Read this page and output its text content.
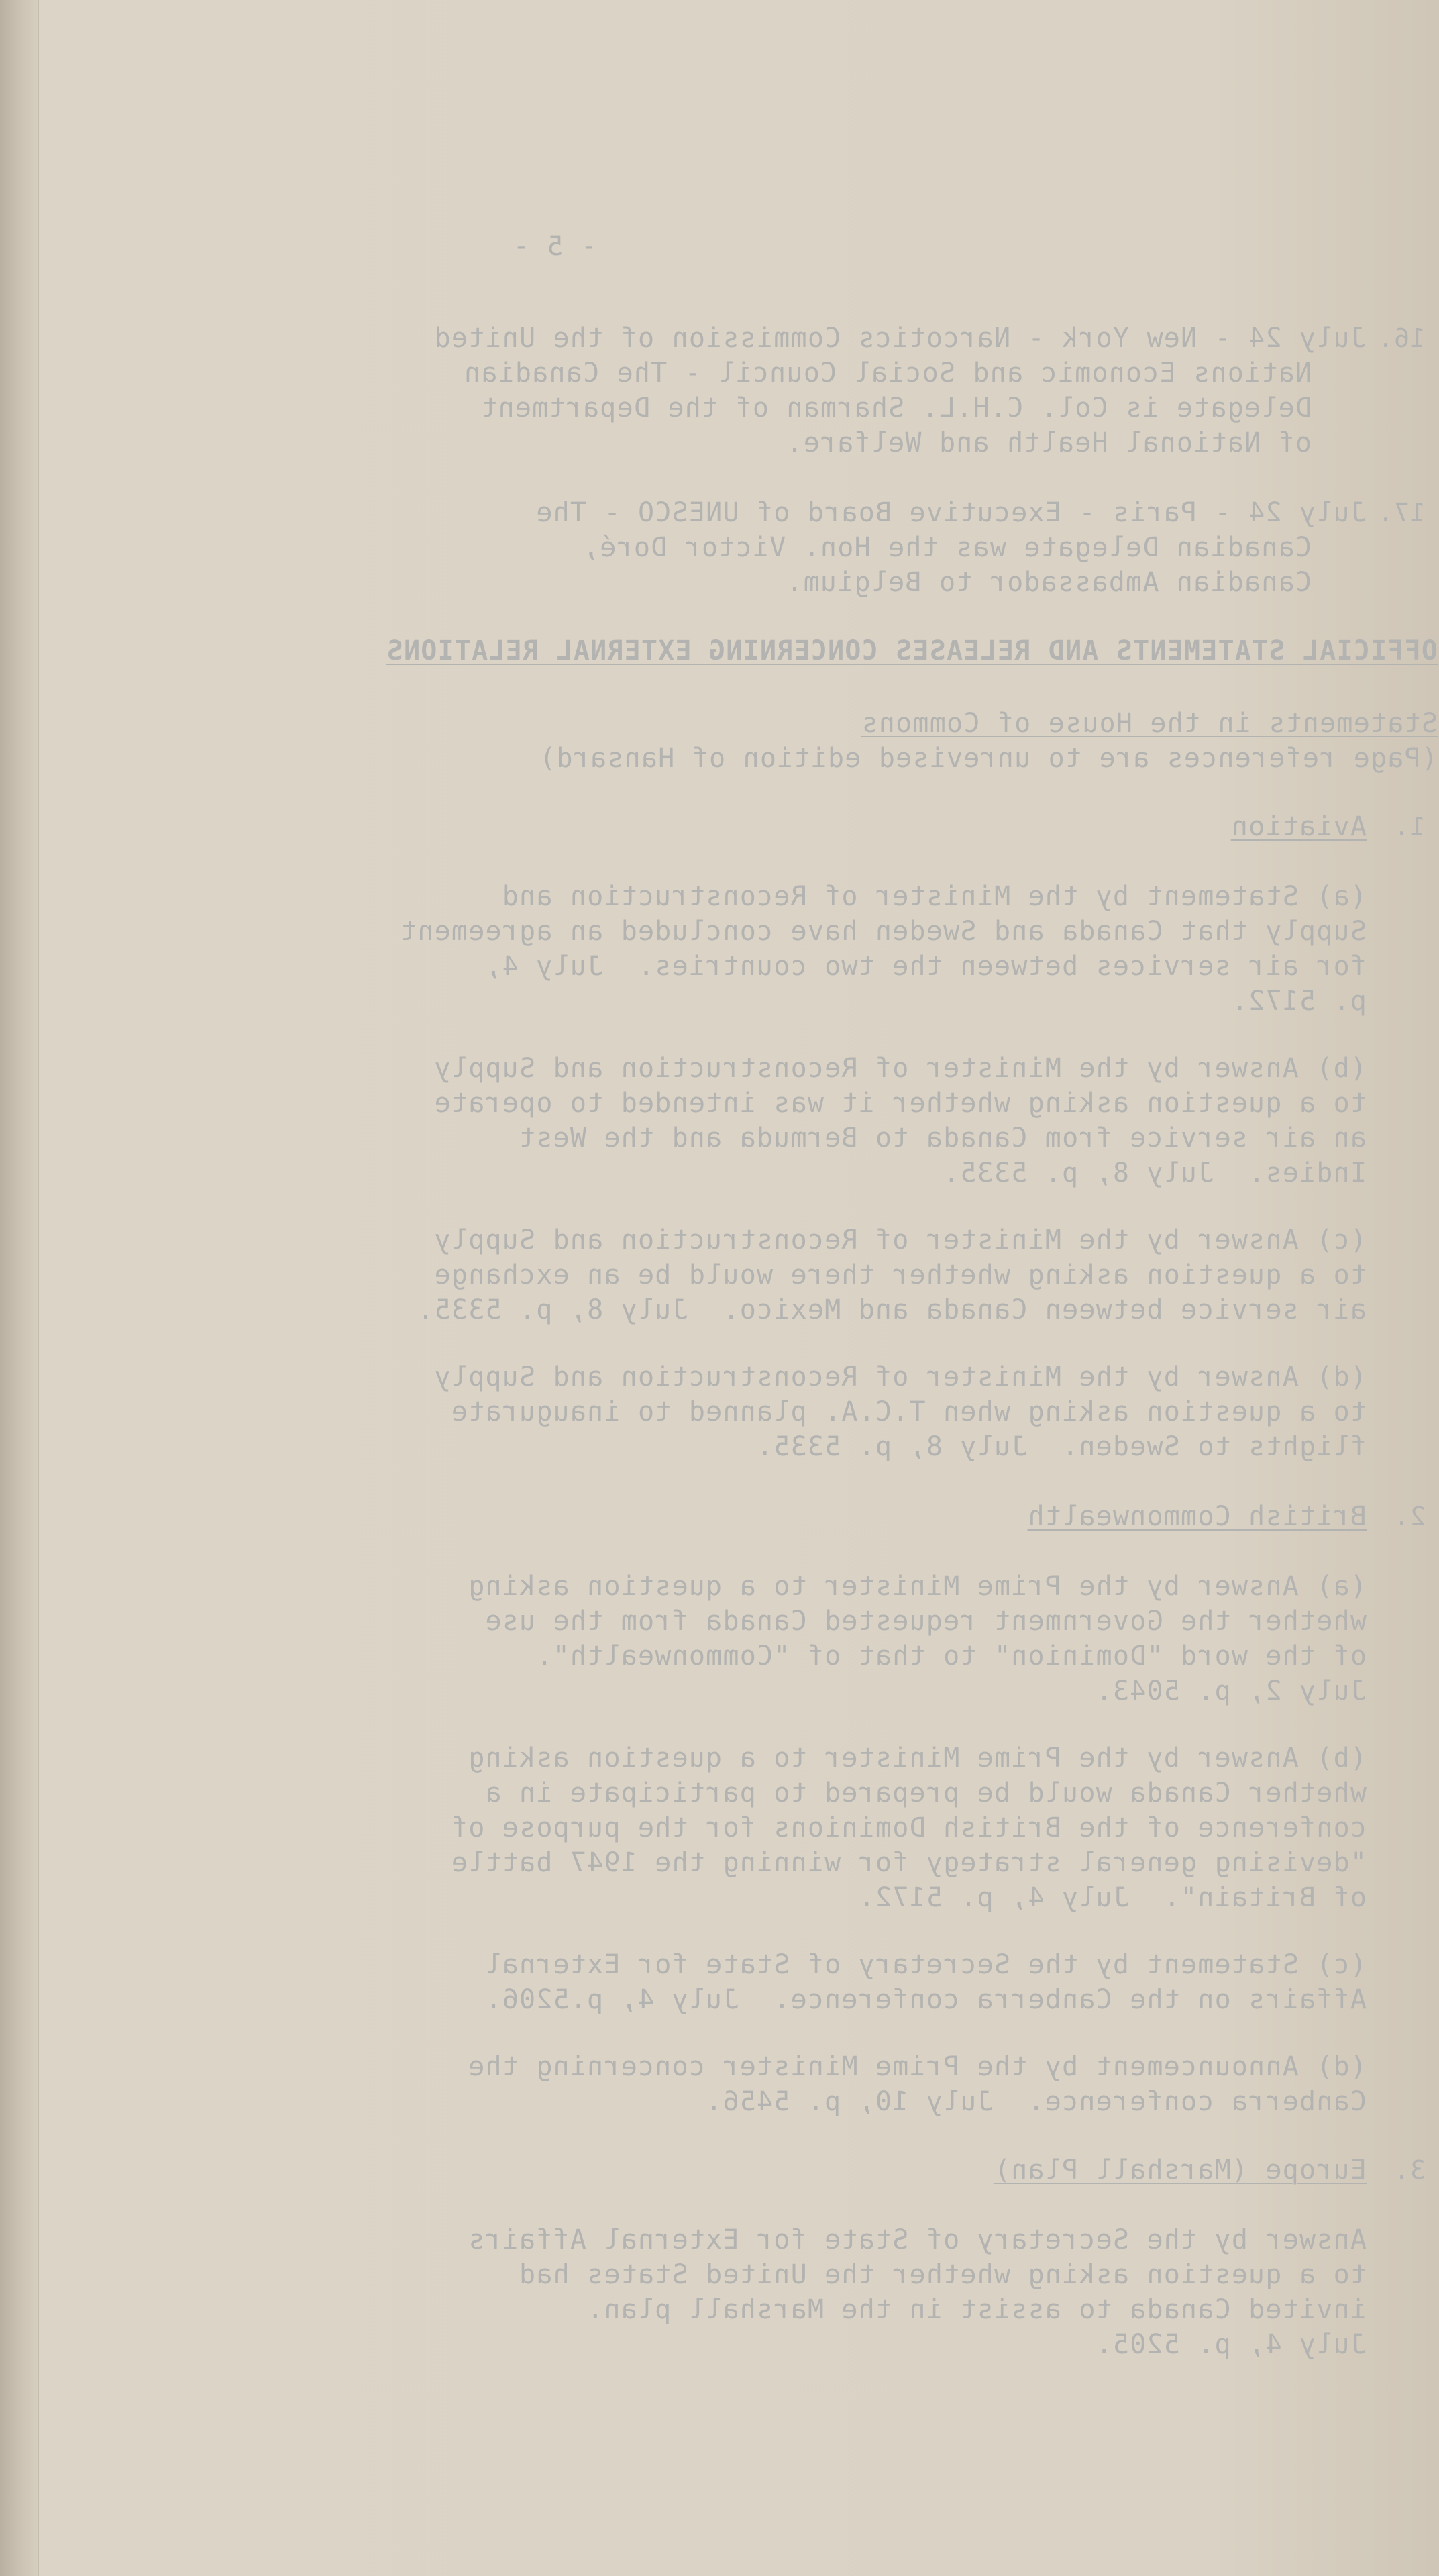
- 5 -
16.
July 24 - New York - Narcotics Commission of the United
Nations Economic and Social Council - The Canadian
Delegate is Col. C.H.L. Sharman of the Department
of National Health and Welfare.
17.
July 24 - Paris - Executive Board of UNESCO - The
Canadian Delegate was the Hon. Victor Doré,
Canadian Ambassador to Belgium.
OFFICIAL STATEMENTS AND RELEASES CONCERNING EXTERNAL RELATIONS
Statements in the House of Commons
(Page references are to unrevised edition of Hansard)
1.
Aviation
(a) Statement by the Minister of Reconstruction and
Supply that Canada and Sweden have concluded an agreement
for air services between the two countries.  July 4,
p. 5172.
(b) Answer by the Minister of Reconstruction and Supply
to a question asking whether it was intended to operate
an air service from Canada to Bermuda and the West
Indies.  July 8, p. 5335.
(c) Answer by the Minister of Reconstruction and Supply
to a question asking whether there would be an exchange
air service between Canada and Mexico.  July 8, p. 5335.
(d) Answer by the Minister of Reconstruction and Supply
to a question asking when T.C.A. planned to inaugurate
flights to Sweden.  July 8, p. 5335.
2.
British Commonwealth
(a) Answer by the Prime Minister to a question asking
whether the Government requested Canada from the use
of the word "Dominion" to that of "Commonwealth".
July 2, p. 5043.
(b) Answer by the Prime Minister to a question asking
whether Canada would be prepared to participate in a
conference of the British Dominions for the purpose of
"devising general strategy for winning the 1947 battle
of Britain".  July 4, p. 5172.
(c) Statement by the Secretary of State for External
Affairs on the Canberra conference.  July 4, p.5206.
(d) Announcement by the Prime Minister concerning the
Canberra conference.  July 10, p. 5456.
3.
Europe (Marshall Plan)
Answer by the Secretary of State for External Affairs
to a question asking whether the United States had
invited Canada to assist in the Marshall plan.
July 4, p. 5205.
